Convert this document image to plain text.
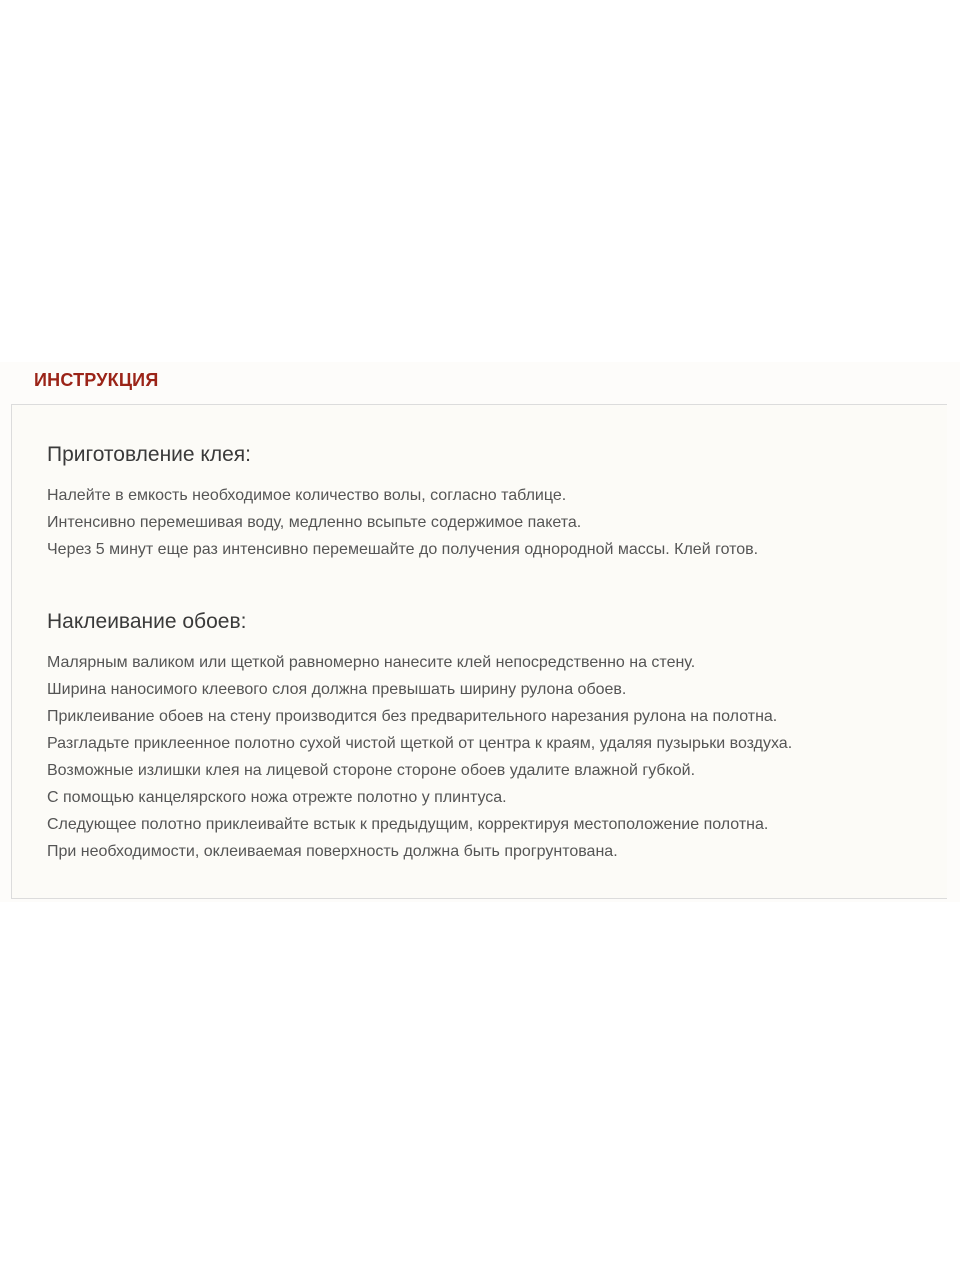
ИНСТРУКЦИЯ
Приготовление клея:

Налейте в емкость необходимое количество волы, согласно таблице.

Интенсивно перемешивая воду, медленно всыпьте содержимое пакета.

Через 5 минут еще раз интенсивно перемешайте до получения однородной массы. Клей готов.

Наклеивание обоев:

Малярным валиком или щеткой равномерно нанесите клей непосредственно на стену.

Ширина наносимого клеевого слоя должна превышать ширину рулона обоев.

Приклеивание обоев на стену производится без предварительного нарезания рулона на полотна.

Разгладьте приклеенное полотно сухой чистой щеткой от центра к краям, удаляя пузырьки воздуха.

Возможные излишки клея на лицевой стороне стороне обоев удалите влажной губкой.

С помощью канцелярского ножа отрежте полотно у плинтуса.

Следующее полотно приклеивайте встык к предыдущим, корректируя местоположение полотна.

При необходимости, оклеиваемая поверхность должна быть прогрунтована.
